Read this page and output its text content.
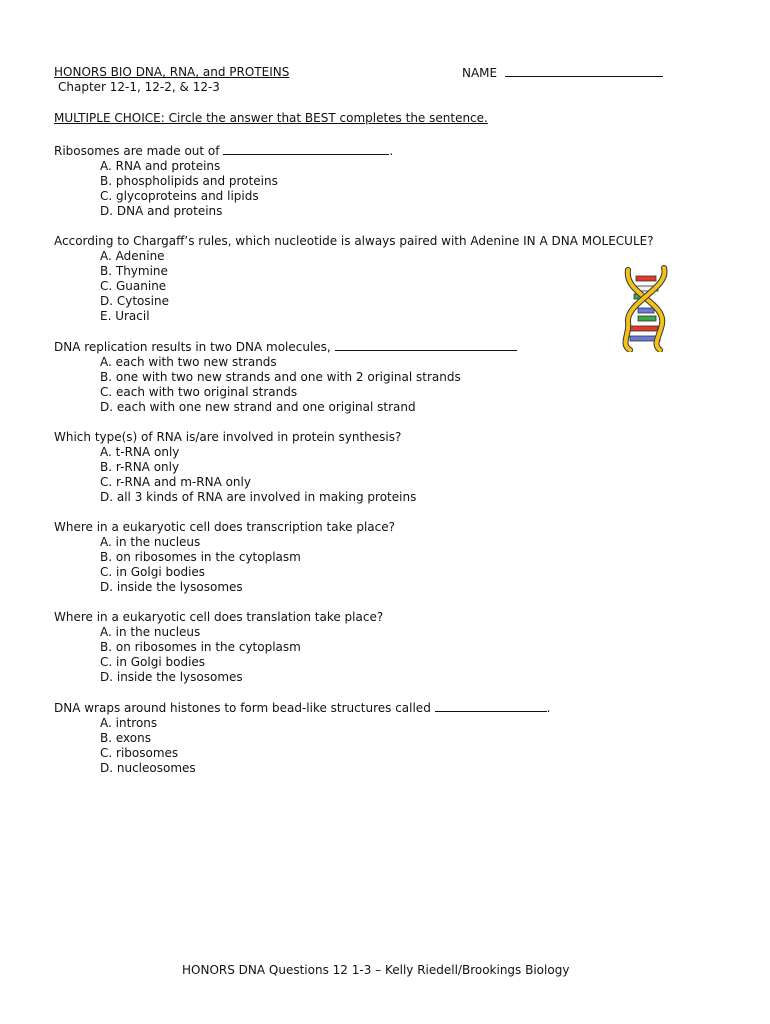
HONORS BIO DNA, RNA, and PROTEINS
Chapter 12-1, 12-2, & 12-3
NAME
MULTIPLE CHOICE: Circle the answer that BEST completes the sentence.
Ribosomes are made out of	.
A. RNA and proteins
B. phospholipids and proteins
C. glycoproteins and lipids
D. DNA and proteins
According to Chargaff’s rules, which nucleotide is always paired with Adenine IN A DNA MOLECULE?
A. Adenine
B. Thymine
C. Guanine
D. Cytosine
E. Uracil
DNA replication results in two DNA molecules,
A. each with two new strands
B. one with two new strands and one with 2 original strands
C. each with two original strands
D. each with one new strand and one original strand
Which type(s) of RNA is/are involved in protein synthesis?
A. t-RNA only
B. r-RNA only
C. r-RNA and m-RNA only
D. all 3 kinds of RNA are involved in making proteins
Where in a eukaryotic cell does transcription take place?
A. in the nucleus
B. on ribosomes in the cytoplasm
C. in Golgi bodies
D. inside the lysosomes
Where in a eukaryotic cell does translation take place?
A. in the nucleus
B. on ribosomes in the cytoplasm
C. in Golgi bodies
D. inside the lysosomes
DNA wraps around histones to form bead-like structures called	.
A. introns
B. exons
C. ribosomes
D. nucleosomes
HONORS DNA Questions 12 1-3 – Kelly Riedell/Brookings Biology
